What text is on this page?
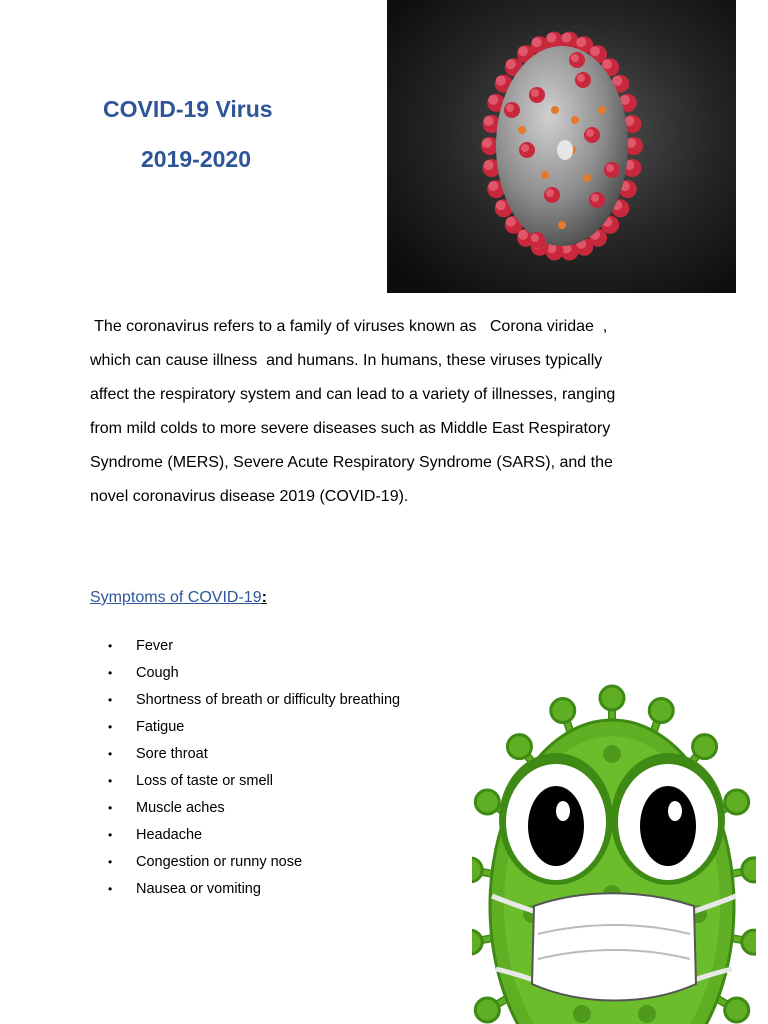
COVID-19 Virus
2019-2020

The coronavirus refers to a family of viruses known as   Corona viridae  ,
which can cause illness  and humans. In humans, these viruses typically
affect the respiratory system and can lead to a variety of illnesses, ranging
from mild colds to more severe diseases such as Middle East Respiratory
Syndrome (MERS), Severe Acute Respiratory Syndrome (SARS), and the
novel coronavirus disease 2019 (COVID-19).

Symptoms of COVID-19:
• Fever
• Cough
• Shortness of breath or difficulty breathing
• Fatigue
• Sore throat
• Loss of taste or smell
• Muscle aches
• Headache
• Congestion or runny nose
• Nausea or vomiting
